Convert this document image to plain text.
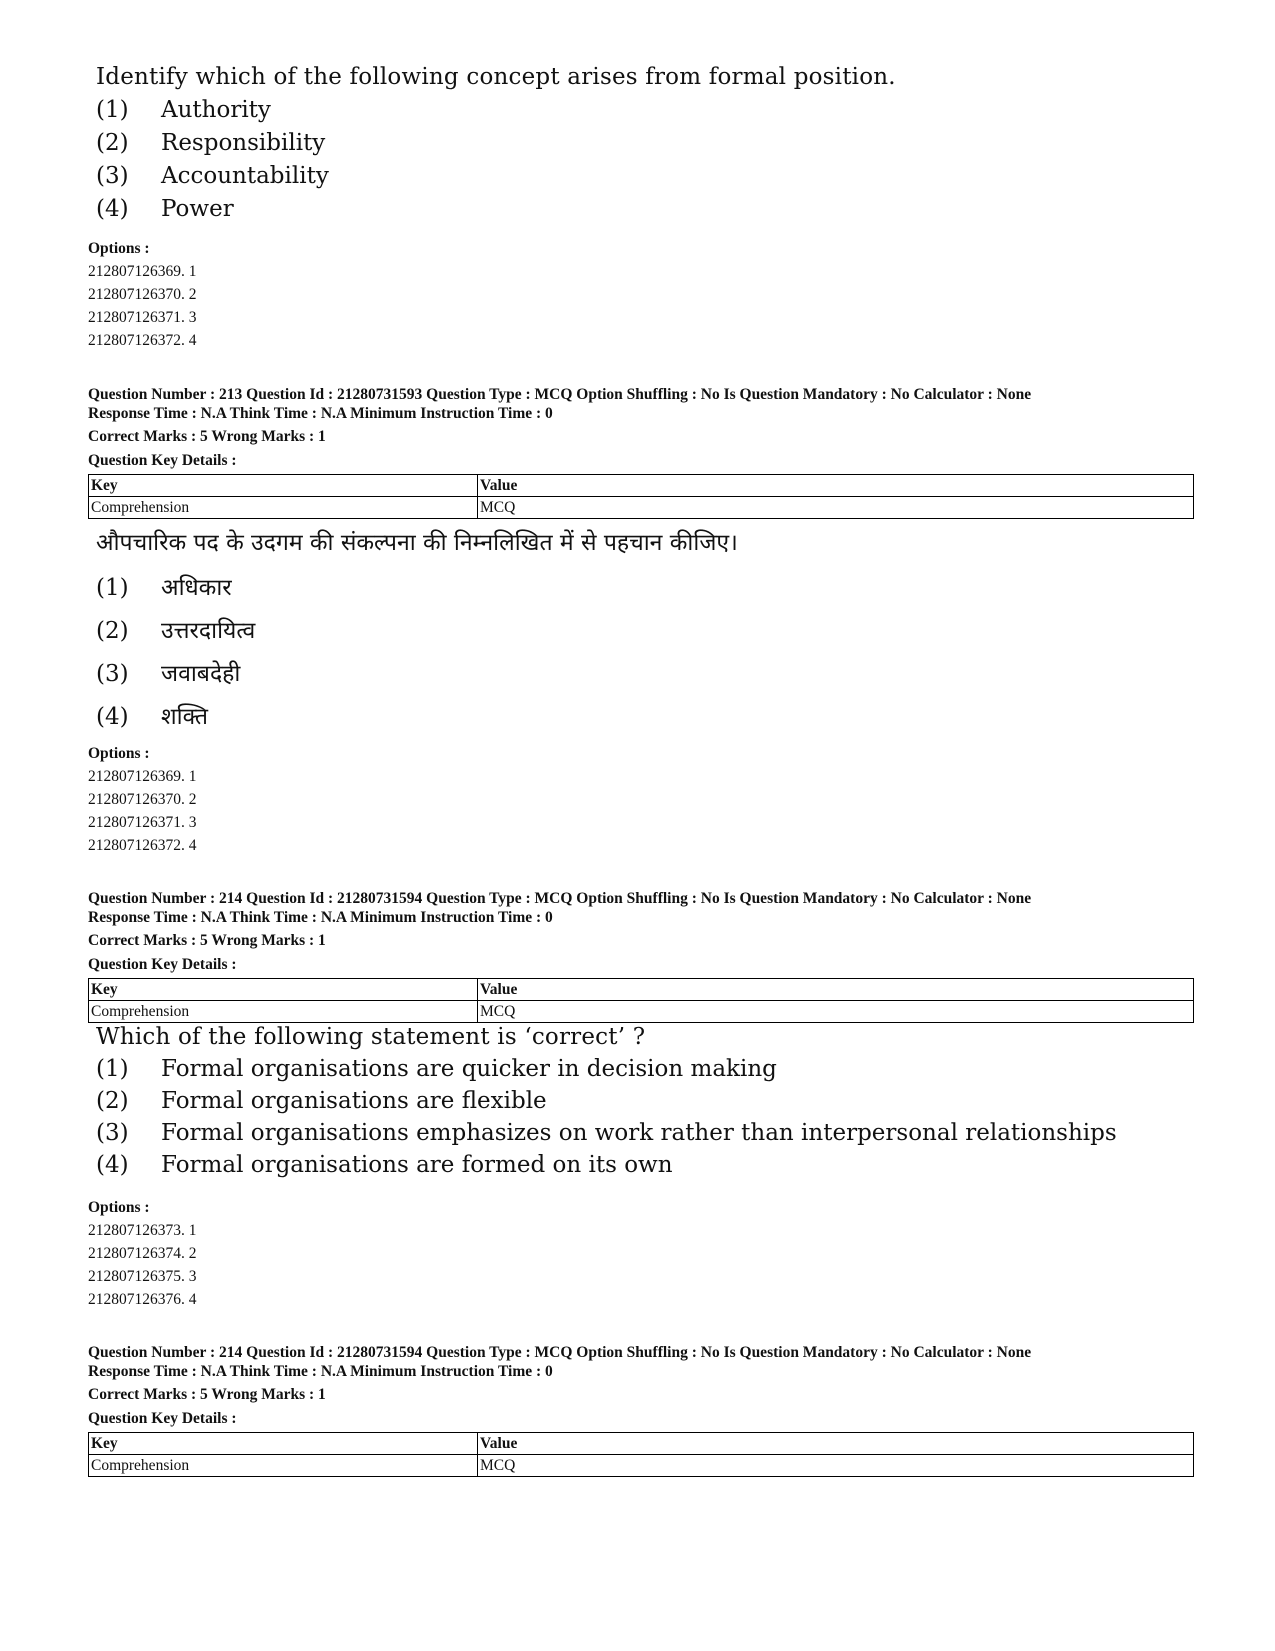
Identify which of the following concept arises from formal position.
(1) Authority
(2) Responsibility
(3) Accountability
(4) Power
Options :
212807126369. 1
212807126370. 2
212807126371. 3
212807126372. 4
Question Number : 213 Question Id : 21280731593 Question Type : MCQ Option Shuffling : No Is Question Mandatory : No Calculator : None
Response Time : N.A Think Time : N.A Minimum Instruction Time : 0
Correct Marks : 5 Wrong Marks : 1
Question Key Details :
Key	Value
Comprehension	MCQ
औपचारिक पद के उदगम की संकल्पना की निम्नलिखित में से पहचान कीजिए।
(1) अधिकार
(2) उत्तरदायित्व
(3) जवाबदेही
(4) शक्ति
Options :
212807126369. 1
212807126370. 2
212807126371. 3
212807126372. 4
Question Number : 214 Question Id : 21280731594 Question Type : MCQ Option Shuffling : No Is Question Mandatory : No Calculator : None
Response Time : N.A Think Time : N.A Minimum Instruction Time : 0
Correct Marks : 5 Wrong Marks : 1
Question Key Details :
Key	Value
Comprehension	MCQ
Which of the following statement is ‘correct’ ?
(1) Formal organisations are quicker in decision making
(2) Formal organisations are flexible
(3) Formal organisations emphasizes on work rather than interpersonal relationships
(4) Formal organisations are formed on its own
Options :
212807126373. 1
212807126374. 2
212807126375. 3
212807126376. 4
Question Number : 214 Question Id : 21280731594 Question Type : MCQ Option Shuffling : No Is Question Mandatory : No Calculator : None
Response Time : N.A Think Time : N.A Minimum Instruction Time : 0
Correct Marks : 5 Wrong Marks : 1
Question Key Details :
Key	Value
Comprehension	MCQ
